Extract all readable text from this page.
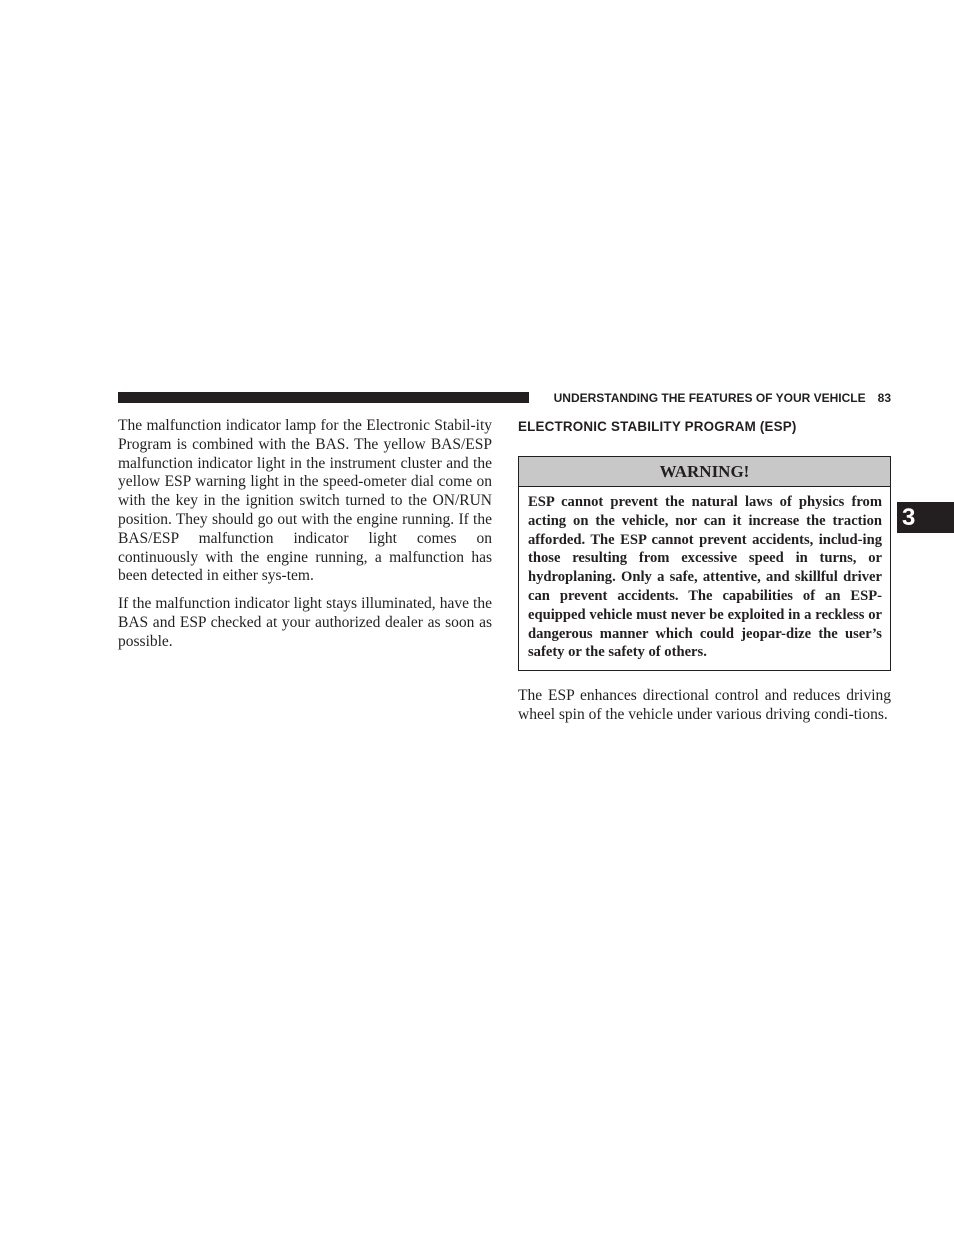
UNDERSTANDING THE FEATURES OF YOUR VEHICLE 83

The malfunction indicator lamp for the Electronic Stabil-ity Program is combined with the BAS. The yellow BAS/ESP malfunction indicator light in the instrument cluster and the yellow ESP warning light in the speed-ometer dial come on with the key in the ignition switch turned to the ON/RUN position. They should go out with the engine running. If the BAS/ESP malfunction indicator light comes on continuously with the engine running, a malfunction has been detected in either sys-tem.

If the malfunction indicator light stays illuminated, have the BAS and ESP checked at your authorized dealer as soon as possible.

ELECTRONIC STABILITY PROGRAM (ESP)
WARNING!

ESP cannot prevent the natural laws of physics from acting on the vehicle, nor can it increase the traction afforded. The ESP cannot prevent accidents, includ-ing those resulting from excessive speed in turns, or hydroplaning. Only a safe, attentive, and skillful driver can prevent accidents. The capabilities of an ESP-equipped vehicle must never be exploited in a reckless or dangerous manner which could jeopar-dize the user’s safety or the safety of others.

The ESP enhances directional control and reduces driving wheel spin of the vehicle under various driving condi-tions.

3
